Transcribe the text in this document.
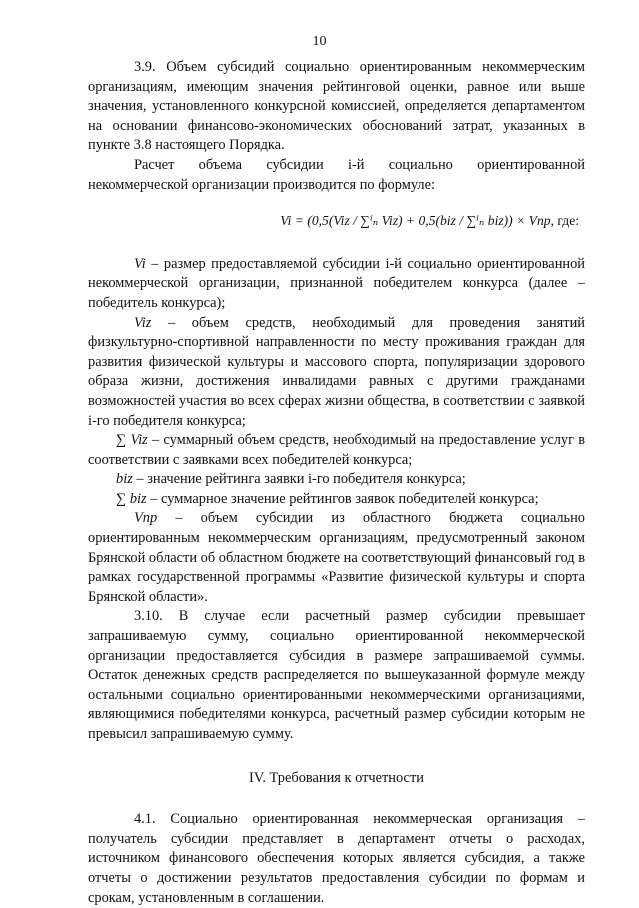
10

3.9. Объем субсидий социально ориентированным некоммерческим организациям, имеющим значения рейтинговой оценки, равное или выше значения, установленного конкурсной комиссией, определяется департаментом на основании финансово-экономических обоснований затрат, указанных в пункте 3.8 настоящего Порядка.

Расчет объема субсидии i-й социально ориентированной некоммерческой организации производится по формуле:

Vi = (0,5(Viz / ∑ⁱₙ Viz) + 0,5(biz / ∑ⁱₙ biz)) × Vnp, где:

Vi – размер предоставляемой субсидии i-й социально ориентированной некоммерческой организации, признанной победителем конкурса (далее – победитель конкурса);

Viz – объем средств, необходимый для проведения занятий физкультурно-спортивной направленности по месту проживания граждан для развития физической культуры и массового спорта, популяризации здорового образа жизни, достижения инвалидами равных с другими гражданами возможностей участия во всех сферах жизни общества, в соответствии с заявкой i-го победителя конкурса;

∑ Viz – суммарный объем средств, необходимый на предоставление услуг в соответствии с заявками всех победителей конкурса;

biz – значение рейтинга заявки i-го победителя конкурса;

∑ biz – суммарное значение рейтингов заявок победителей конкурса;

Vnp – объем субсидии из областного бюджета социально ориентированным некоммерческим организациям, предусмотренный законом Брянской области об областном бюджете на соответствующий финансовый год в рамках государственной программы «Развитие физической культуры и спорта Брянской области».

3.10. В случае если расчетный размер субсидии превышает запрашиваемую сумму, социально ориентированной некоммерческой организации предоставляется субсидия в размере запрашиваемой суммы. Остаток денежных средств распределяется по вышеуказанной формуле между остальными социально ориентированными некоммерческими организациями, являющимися победителями конкурса, расчетный размер субсидии которым не превысил запрашиваемую сумму.

IV. Требования к отчетности

4.1. Социально ориентированная некоммерческая организация – получатель субсидии представляет в департамент отчеты о расходах, источником финансового обеспечения которых является субсидия, а также отчеты о достижении результатов предоставления субсидии по формам и срокам, установленным в соглашении.
